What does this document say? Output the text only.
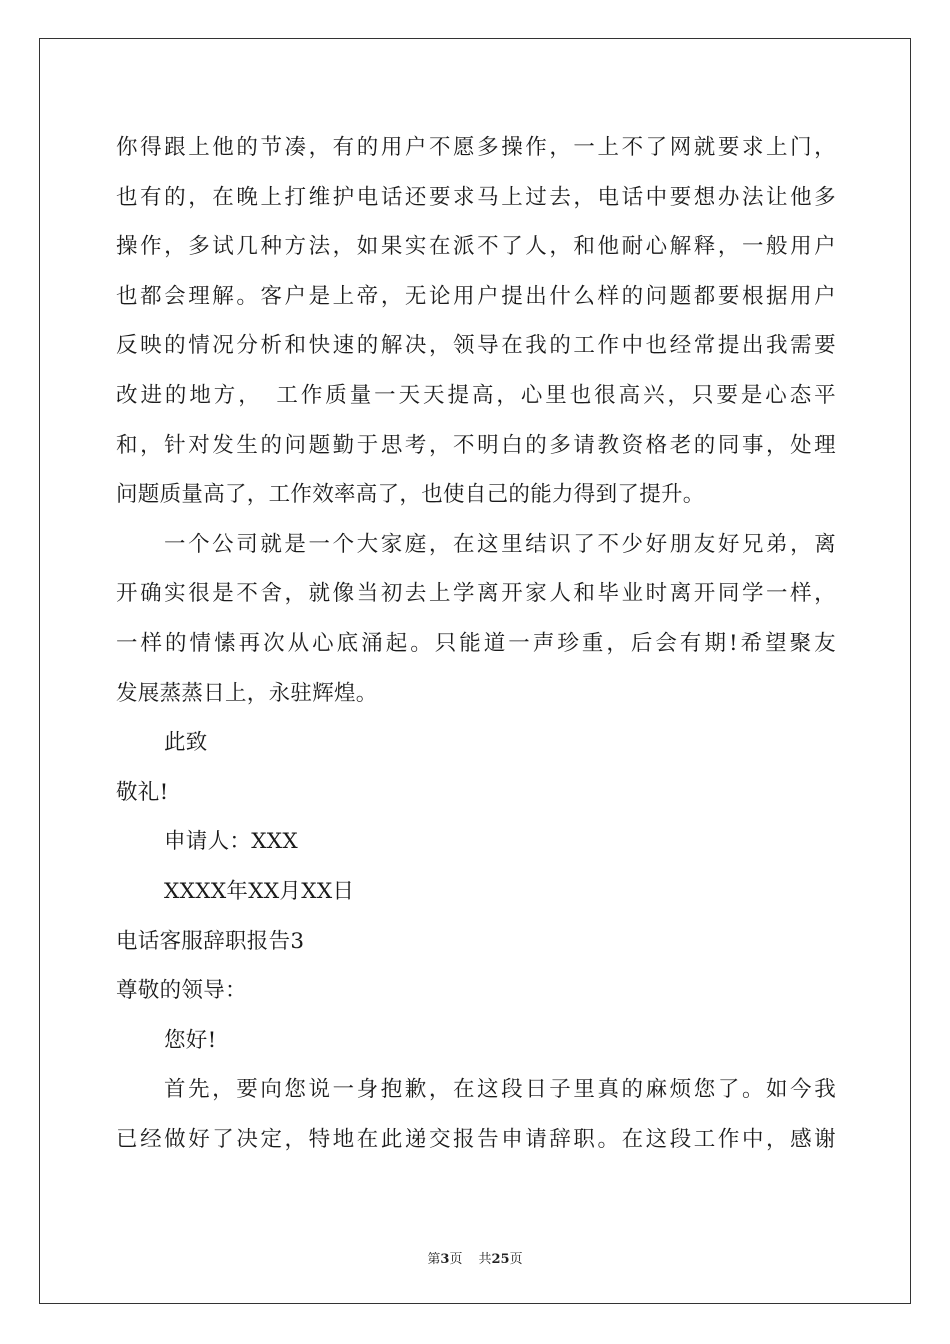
你得跟上他的节凑，有的用户不愿多操作，一上不了网就要求上门，
也有的，在晚上打维护电话还要求马上过去，电话中要想办法让他多
操作，多试几种方法，如果实在派不了人，和他耐心解释，一般用户
也都会理解。客户是上帝，无论用户提出什么样的问题都要根据用户
反映的情况分析和快速的解决，领导在我的工作中也经常提出我需要
改进的地方，　工作质量一天天提高，心里也很高兴，只要是心态平
和，针对发生的问题勤于思考，不明白的多请教资格老的同事，处理
问题质量高了，工作效率高了，也使自己的能力得到了提升。
一个公司就是一个大家庭，在这里结识了不少好朋友好兄弟，离
开确实很是不舍，就像当初去上学离开家人和毕业时离开同学一样，
一样的情愫再次从心底涌起。只能道一声珍重，后会有期!希望聚友
发展蒸蒸日上，永驻辉煌。
此致
敬礼!
申请人：XXX
XXXX年XX月XX日
电话客服辞职报告3
尊敬的领导：
您好!
首先，要向您说一身抱歉，在这段日子里真的麻烦您了。如今我
已经做好了决定，特地在此递交报告申请辞职。在这段工作中，感谢
第3页 共25页
